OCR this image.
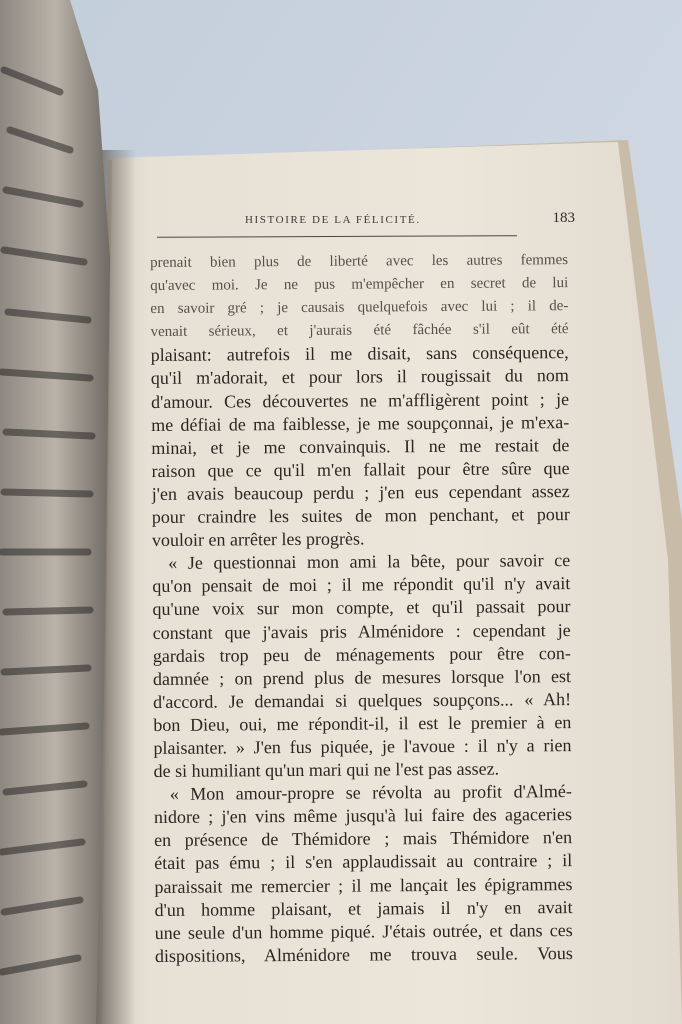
HISTOIRE DE LA FÉLICITÉ.	183
prenait bien plus de liberté avec les autres femmes
qu'avec moi. Je ne pus m'empêcher en secret de lui
en savoir gré ; je causais quelquefois avec lui ; il de-
venait sérieux, et j'aurais été fâchée s'il eût été
plaisant: autrefois il me disait, sans conséquence,
qu'il m'adorait, et pour lors il rougissait du nom
d'amour. Ces découvertes ne m'affligèrent point ; je
me défiai de ma faiblesse, je me soupçonnai, je m'exa-
minai, et je me convainquis. Il ne me restait de
raison que ce qu'il m'en fallait pour être sûre que
j'en avais beaucoup perdu ; j'en eus cependant assez
pour craindre les suites de mon penchant, et pour
vouloir en arrêter les progrès.
« Je questionnai mon ami la bête, pour savoir ce
qu'on pensait de moi ; il me répondit qu'il n'y avait
qu'une voix sur mon compte, et qu'il passait pour
constant que j'avais pris Alménidore : cependant je
gardais trop peu de ménagements pour être con-
damnée ; on prend plus de mesures lorsque l'on est
d'accord. Je demandai si quelques soupçons... « Ah!
bon Dieu, oui, me répondit-il, il est le premier à en
plaisanter. » J'en fus piquée, je l'avoue : il n'y a rien
de si humiliant qu'un mari qui ne l'est pas assez.
« Mon amour-propre se révolta au profit d'Almé-
nidore ; j'en vins même jusqu'à lui faire des agaceries
en présence de Thémidore ; mais Thémidore n'en
était pas ému ; il s'en applaudissait au contraire ; il
paraissait me remercier ; il me lançait les épigrammes
d'un homme plaisant, et jamais il n'y en avait
une seule d'un homme piqué. J'étais outrée, et dans ces
dispositions, Alménidore me trouva seule. Vous
